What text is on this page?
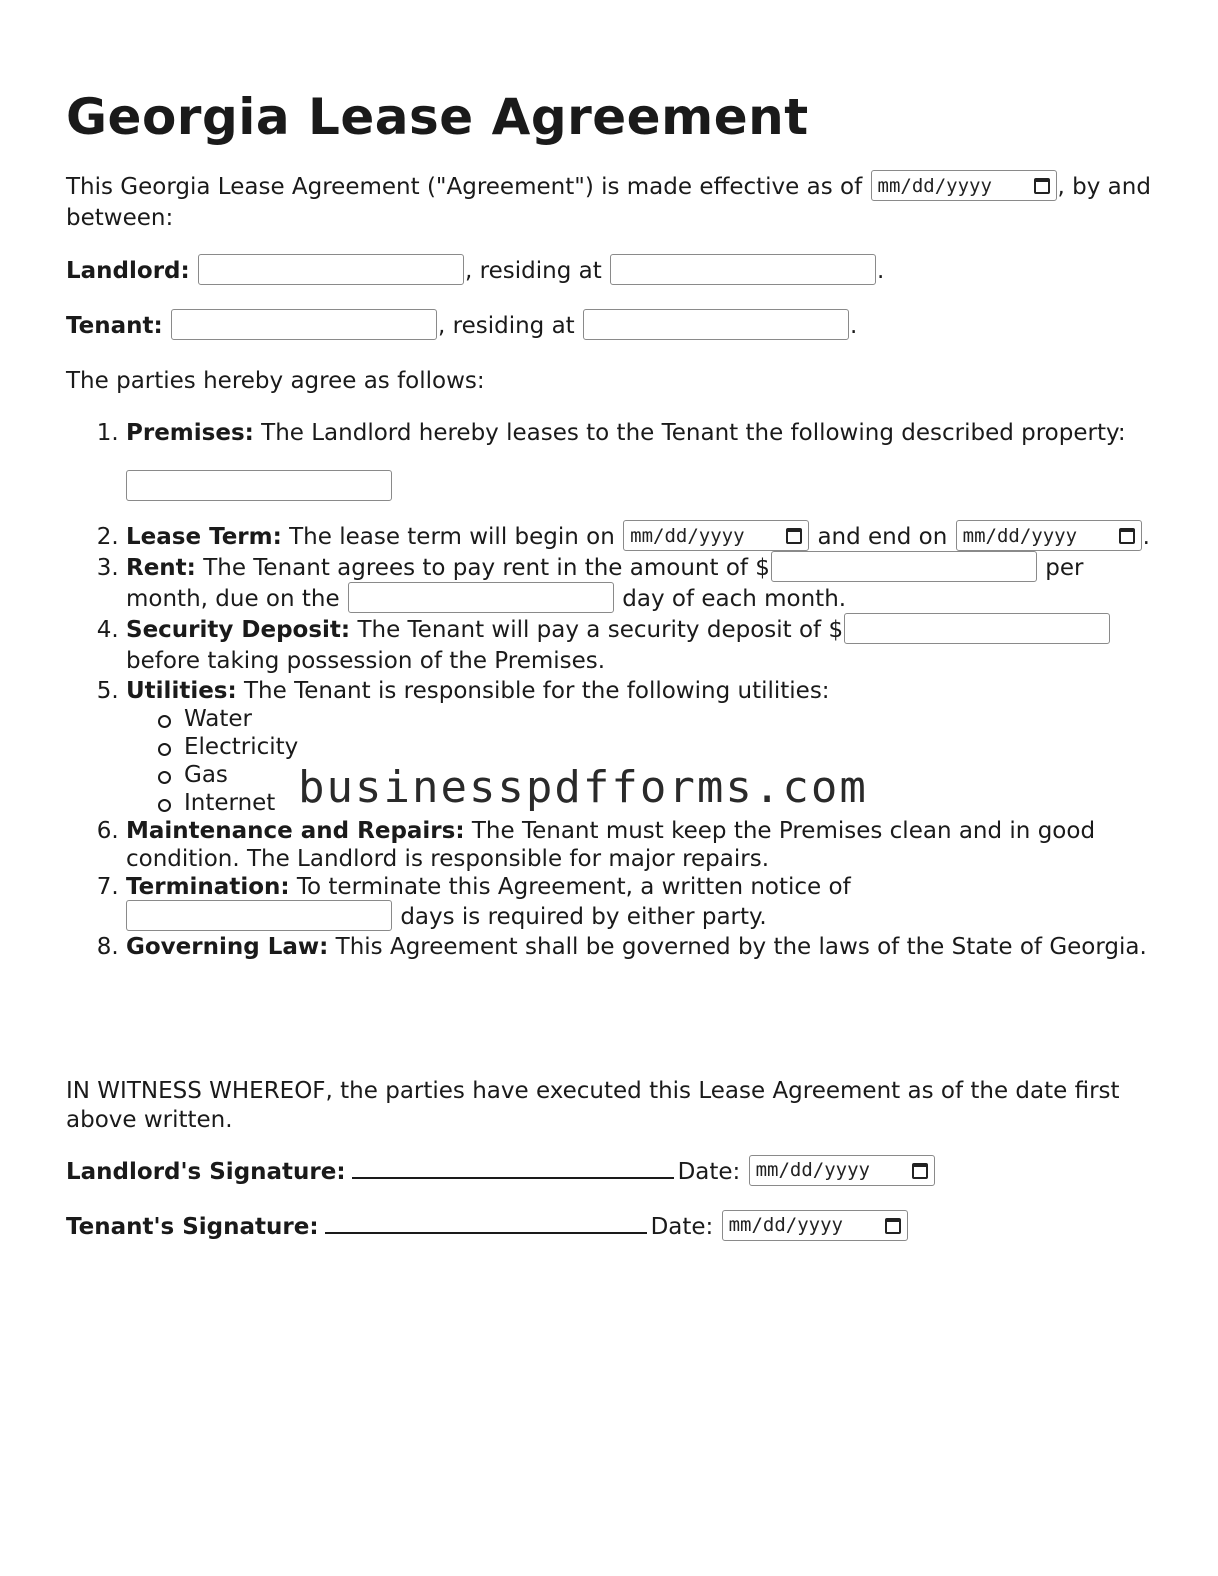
Georgia Lease Agreement
This Georgia Lease Agreement ("Agreement") is made effective as of mm/dd/yyyy	, by and between:
Landlord:	, residing at	.
Tenant:	, residing at	.
The parties hereby agree as follows:
1. Premises: The Landlord hereby leases to the Tenant the following described property:
2. Lease Term: The lease term will begin on mm/dd/yyyy	and end on mm/dd/yyyy	.
3. Rent: The Tenant agrees to pay rent in the amount of $	per month, due on the	day of each month.
4. Security Deposit: The Tenant will pay a security deposit of $ before taking possession of the Premises.
5. Utilities: The Tenant is responsible for the following utilities:
Water
Electricity
Gas
Internet
6. Maintenance and Repairs: The Tenant must keep the Premises clean and in good condition. The Landlord is responsible for major repairs.
7. Termination: To terminate this Agreement, a written notice of
days is required by either party.
8. Governing Law: This Agreement shall be governed by the laws of the State of Georgia.
IN WITNESS WHEREOF, the parties have executed this Lease Agreement as of the date first above written.
Landlord's Signature:	Date: mm/dd/yyyy
Tenant's Signature:	Date: mm/dd/yyyy
businesspdfforms.com
